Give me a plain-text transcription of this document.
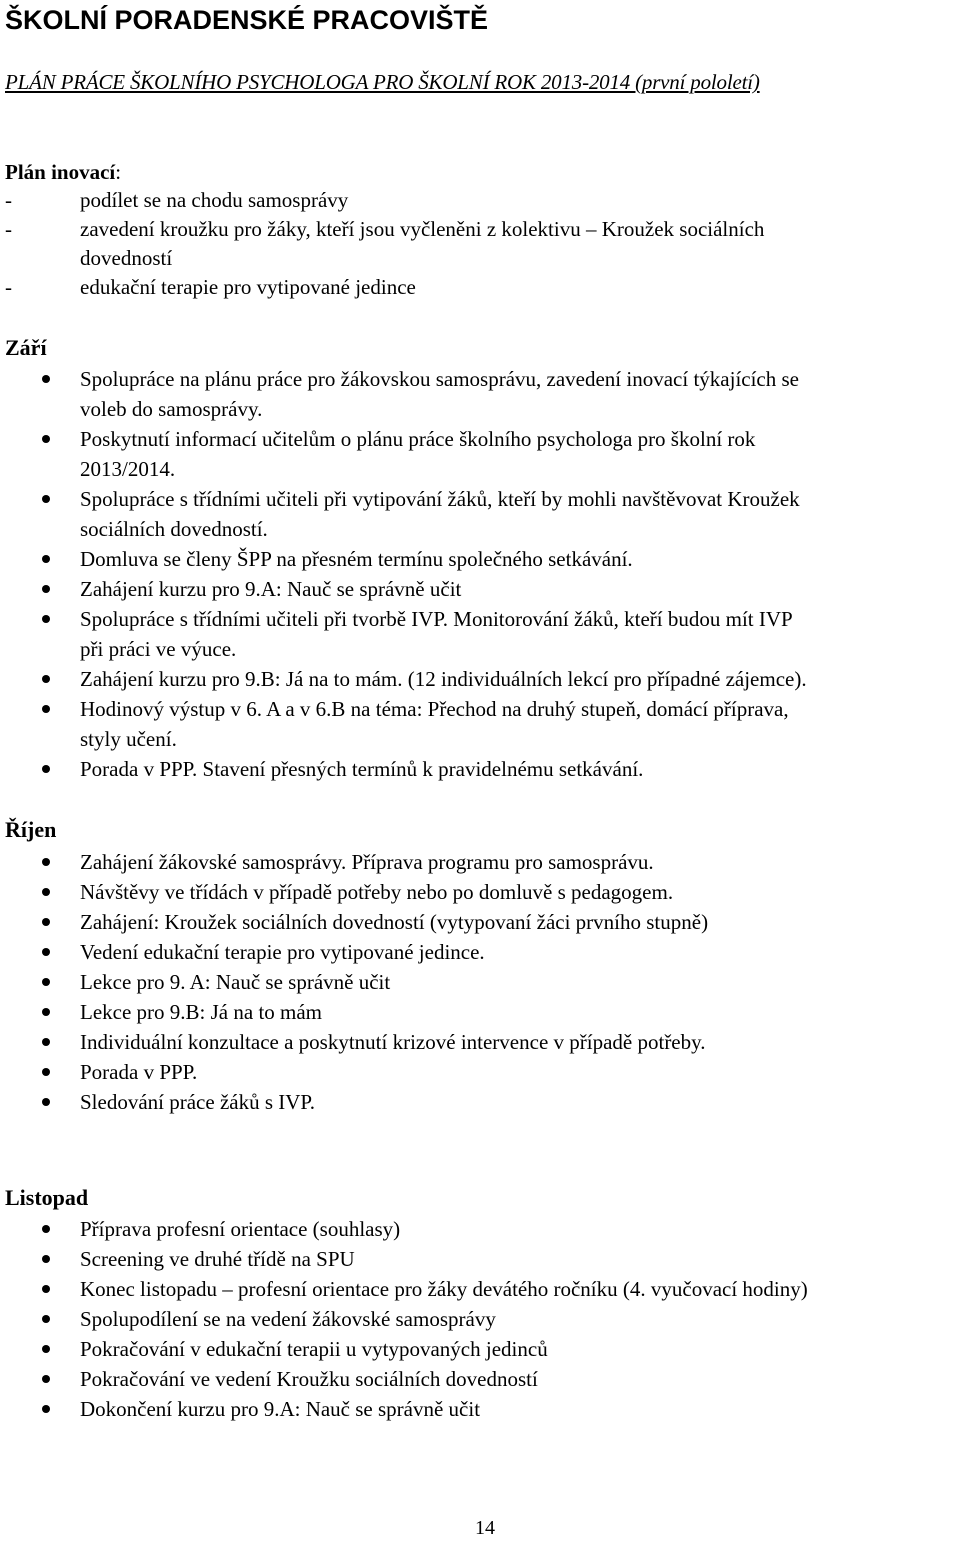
ŠKOLNÍ PORADENSKÉ PRACOVIŠTĚ
PLÁN PRÁCE ŠKOLNÍHO PSYCHOLOGA PRO ŠKOLNÍ ROK 2013-2014 (první pololetí)
Plán inovací:
-	podílet se na chodu samosprávy
-	zavedení kroužku pro žáky, kteří jsou vyčleněni z kolektivu – Kroužek sociálních
dovedností
-	edukační terapie pro vytipované jedince
Září
Spolupráce na plánu práce pro žákovskou samosprávu, zavedení inovací týkajících se
voleb do samosprávy.
Poskytnutí informací učitelům o plánu práce školního psychologa pro školní rok
2013/2014.
Spolupráce s třídními učiteli při vytipování žáků, kteří by mohli navštěvovat Kroužek
sociálních dovedností.
Domluva se členy ŠPP na přesném termínu společného setkávání.
Zahájení kurzu pro 9.A: Nauč se správně učit
Spolupráce s třídními učiteli při tvorbě IVP. Monitorování žáků, kteří budou mít IVP
při práci ve výuce.
Zahájení kurzu pro 9.B: Já na to mám. (12 individuálních lekcí pro případné zájemce).
Hodinový výstup v 6. A a v 6.B na téma: Přechod na druhý stupeň, domácí příprava,
styly učení.
Porada v PPP. Stavení přesných termínů k pravidelnému setkávání.
Říjen
Zahájení žákovské samosprávy. Příprava programu pro samosprávu.
Návštěvy ve třídách v případě potřeby nebo po domluvě s pedagogem.
Zahájení: Kroužek sociálních dovedností (vytypovaní žáci prvního stupně)
Vedení edukační terapie pro vytipované jedince.
Lekce pro 9. A: Nauč se správně učit
Lekce pro 9.B: Já na to mám
Individuální konzultace a poskytnutí krizové intervence v případě potřeby.
Porada v PPP.
Sledování práce žáků s IVP.
Listopad
Příprava profesní orientace (souhlasy)
Screening ve druhé třídě na SPU
Konec listopadu – profesní orientace pro žáky devátého ročníku (4. vyučovací hodiny)
Spolupodílení se na vedení žákovské samosprávy
Pokračování v edukační terapii u vytypovaných jedinců
Pokračování ve vedení Kroužku sociálních dovedností
Dokončení kurzu pro 9.A: Nauč se správně učit
14
